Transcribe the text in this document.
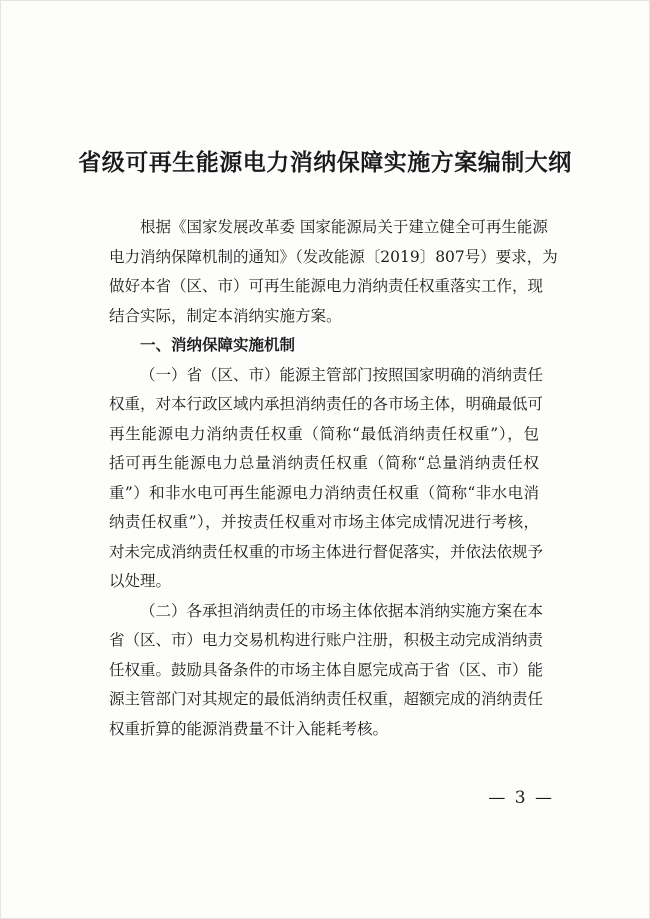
省级可再生能源电力消纳保障实施方案编制大纲
根据《国家发展改革委 国家能源局关于建立健全可再生能源
电力消纳保障机制的通知》（发改能源〔2019〕807号）要求，为
做好本省（区、市）可再生能源电力消纳责任权重落实工作，现
结合实际，制定本消纳实施方案。
一、消纳保障实施机制
（一）省（区、市）能源主管部门按照国家明确的消纳责任
权重，对本行政区域内承担消纳责任的各市场主体，明确最低可
再生能源电力消纳责任权重（简称“最低消纳责任权重”），包
括可再生能源电力总量消纳责任权重（简称“总量消纳责任权
重”）和非水电可再生能源电力消纳责任权重（简称“非水电消
纳责任权重”），并按责任权重对市场主体完成情况进行考核，
对未完成消纳责任权重的市场主体进行督促落实，并依法依规予
以处理。
（二）各承担消纳责任的市场主体依据本消纳实施方案在本
省（区、市）电力交易机构进行账户注册，积极主动完成消纳责
任权重。鼓励具备条件的市场主体自愿完成高于省（区、市）能
源主管部门对其规定的最低消纳责任权重，超额完成的消纳责任
权重折算的能源消费量不计入能耗考核。
— 3 —
